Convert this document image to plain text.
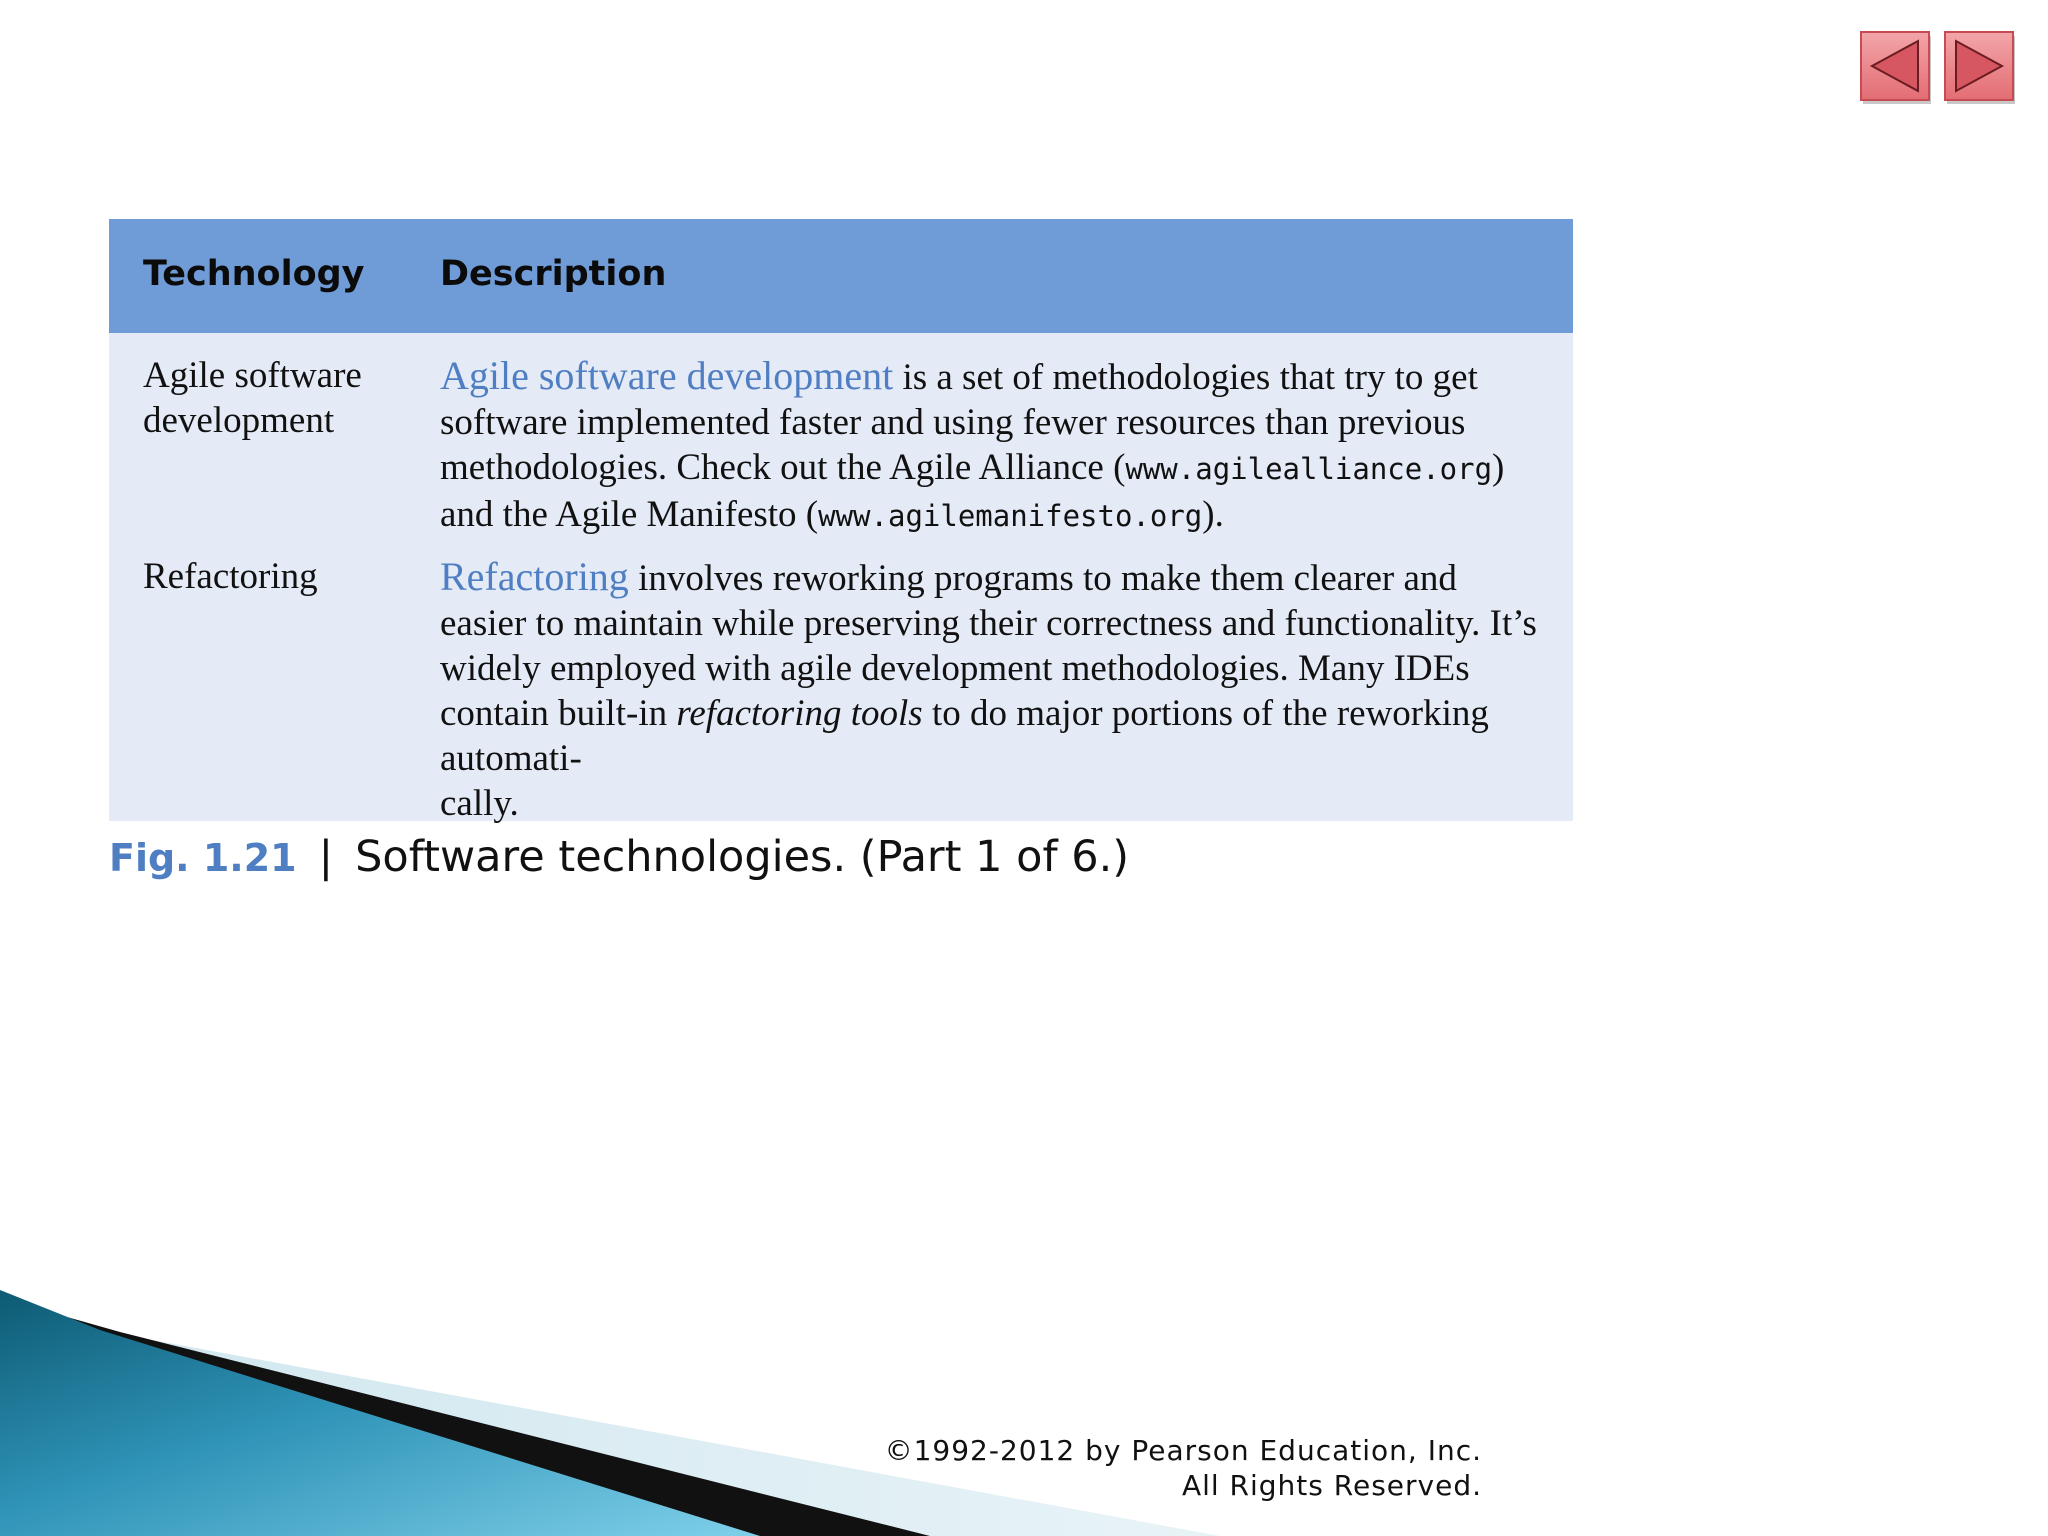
Technology Description
Agile software
development
Agile software development is a set of methodologies that try to get software implemented faster and using fewer resources than previous methodologies. Check out the Agile Alliance (www.agilealliance.org) and the Agile Manifesto (www.agilemanifesto.org).
Refactoring	Refactoring involves reworking programs to make them clearer and easier to maintain while preserving their correctness and functionality. It’s widely employed with agile development methodologies. Many IDEs contain built-in refactoring tools to do major portions of the reworking automati-
cally.
Fig. 1.21 | Software technologies. (Part 1 of 6.)
©1992-2012 by Pearson Education, Inc.
All Rights Reserved.
